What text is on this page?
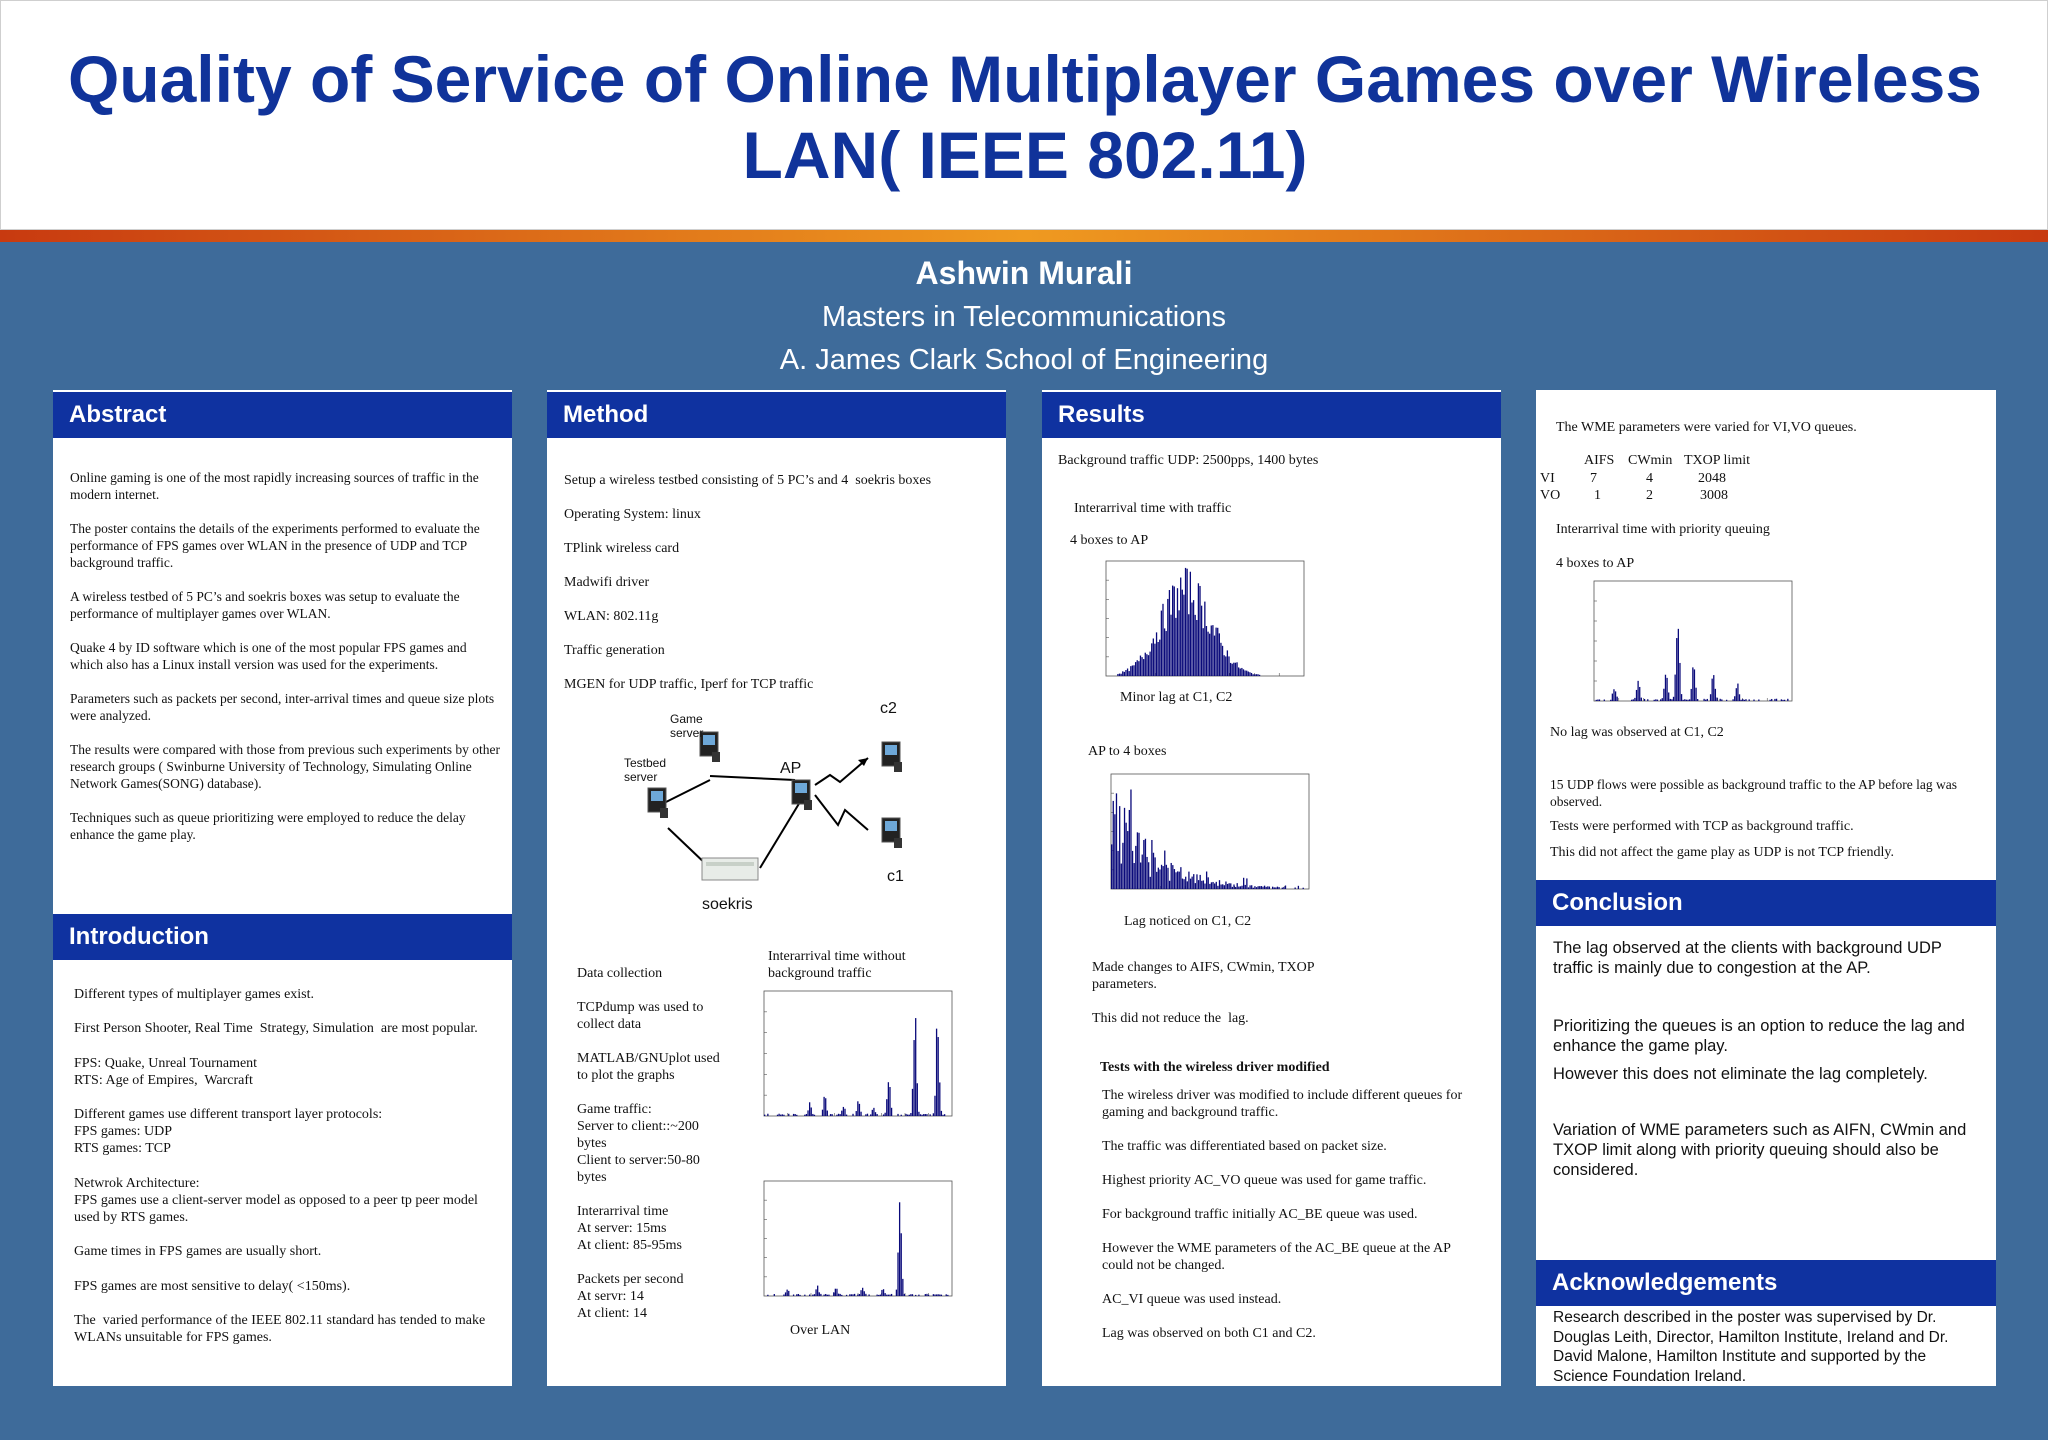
Quality of Service of Online Multiplayer Games over Wireless
LAN( IEEE 802.11)
Ashwin Murali
Masters in Telecommunications
A. James Clark School of Engineering
Abstract

Online gaming is one of the most rapidly increasing sources of traffic in the modern internet.

The poster contains the details of the experiments performed to evaluate the performance of FPS games over WLAN in the presence of UDP and TCP background traffic.

A wireless testbed of 5 PC’s and soekris boxes was setup to evaluate the performance of multiplayer games over WLAN.

Quake 4 by ID software which is one of the most popular FPS games and which also has a Linux install version was used for the experiments.

Parameters such as packets per second, inter-arrival times and queue size plots were analyzed.

The results were compared with those from previous such experiments by other research groups ( Swinburne University of Technology, Simulating Online Network Games(SONG) database).

Techniques such as queue prioritizing were employed to reduce the delay enhance the game play.

Introduction
Different types of multiplayer games exist.
First Person Shooter, Real Time  Strategy, Simulation  are most popular.
FPS: Quake, Unreal Tournament
RTS: Age of Empires,  Warcraft
Different games use different transport layer protocols:
FPS games: UDP
RTS games: TCP
Netwrok Architecture:
FPS games use a client-server model as opposed to a peer tp peer model
used by RTS games.
Game times in FPS games are usually short.
FPS games are most sensitive to delay( <150ms).
The  varied performance of the IEEE 802.11 standard has tended to make
WLANs unsuitable for FPS games.
Method
Setup a wireless testbed consisting of 5 PC’s and 4  soekris boxes
Operating System: linux
TPlink wireless card
Madwifi driver
WLAN: 802.11g
Traffic generation
MGEN for UDP traffic, Iperf for TCP traffic
Game
server
Testbed
server	AP
c2
c1
soekris
Data collection
TCPdump was used to
collect data
MATLAB/GNUplot used
to plot the graphs
Game traffic:
Server to client::~200
bytes
Client to server:50-80
bytes
Interarrival time
At server: 15ms
At client: 85-95ms
Packets per second
At servr: 14
At client: 14
Interarrival time without
background traffic
Over LAN
Results
Background traffic UDP: 2500pps, 1400 bytes
Interarrival time with traffic
4 boxes to AP
Minor lag at C1, C2
AP to 4 boxes
Lag noticed on C1, C2
Made changes to AIFS, CWmin, TXOP
parameters.
This did not reduce the  lag.
Tests with the wireless driver modified
The wireless driver was modified to include different queues for
gaming and background traffic.
The traffic was differentiated based on packet size.
Highest priority AC_VO queue was used for game traffic.
For background traffic initially AC_BE queue was used.
However the WME parameters of the AC_BE queue at the AP
could not be changed.
AC_VI queue was used instead.
Lag was observed on both C1 and C2.
The WME parameters were varied for VI,VO queues.
AIFS CWmin TXOP limit
VI	7	4	2048
VO 1	2	3008
Interarrival time with priority queuing
4 boxes to AP
No lag was observed at C1, C2
15 UDP flows were possible as background traffic to the AP before lag was observed.
Tests were performed with TCP as background traffic.
This did not affect the game play as UDP is not TCP friendly.
Conclusion
The lag observed at the clients with background UDP traffic is mainly due to congestion at the AP.
Prioritizing the queues is an option to reduce the lag and enhance the game play.
However this does not eliminate the lag completely.
Variation of WME parameters such as AIFN, CWmin and TXOP limit along with priority queuing should also be considered.
Acknowledgements
Research described in the poster was supervised by Dr. Douglas Leith, Director, Hamilton Institute, Ireland and Dr. David Malone, Hamilton Institute and supported by the Science Foundation Ireland.
